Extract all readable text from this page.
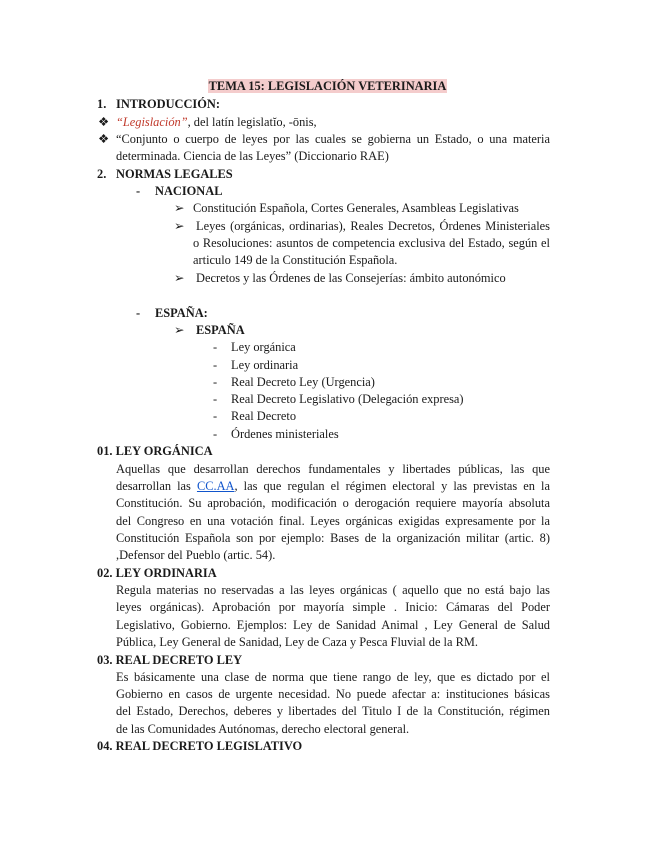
TEMA 15: LEGISLACIÓN VETERINARIA
1. INTRODUCCIÓN:
❖ “Legislación”, del latín legislatĭo, -ōnis,
❖ “Conjunto o cuerpo de leyes por las cuales se gobierna un Estado, o una materia
determinada. Ciencia de las Leyes” (Diccionario RAE)
2. NORMAS LEGALES
- NACIONAL
➢ Constitución Española, Cortes Generales, Asambleas Legislativas
➢ Leyes (orgánicas, ordinarias), Reales Decretos, Órdenes Ministeriales
o Resoluciones: asuntos de competencia exclusiva del Estado, según el
articulo 149 de la Constitución Española.
➢ Decretos y las Órdenes de las Consejerías: ámbito autonómico
- ESPAÑA:
➢ ESPAÑA
- Ley orgánica
- Ley ordinaria
- Real Decreto Ley (Urgencia)
- Real Decreto Legislativo (Delegación expresa)
- Real Decreto
- Órdenes ministeriales
01. LEY ORGÁNICA
Aquellas que desarrollan derechos fundamentales y libertades públicas, las que
desarrollan las CC.AA, las que regulan el régimen electoral y las previstas en la
Constitución. Su aprobación, modificación o derogación requiere mayoría absoluta
del Congreso en una votación final. Leyes orgánicas exigidas expresamente por la
Constitución Española son por ejemplo: Bases de la organización militar (artic. 8)
,Defensor del Pueblo (artic. 54).
02. LEY ORDINARIA
Regula materias no reservadas a las leyes orgánicas ( aquello que no está bajo las
leyes orgánicas). Aprobación por mayoría simple . Inicio: Cámaras del Poder
Legislativo, Gobierno. Ejemplos: Ley de Sanidad Animal , Ley General de Salud
Pública, Ley General de Sanidad, Ley de Caza y Pesca Fluvial de la RM.
03. REAL DECRETO LEY
Es básicamente una clase de norma que tiene rango de ley, que es dictado por el
Gobierno en casos de urgente necesidad. No puede afectar a: instituciones básicas
del Estado, Derechos, deberes y libertades del Titulo I de la Constitución, régimen
de las Comunidades Autónomas, derecho electoral general.
04. REAL DECRETO LEGISLATIVO
